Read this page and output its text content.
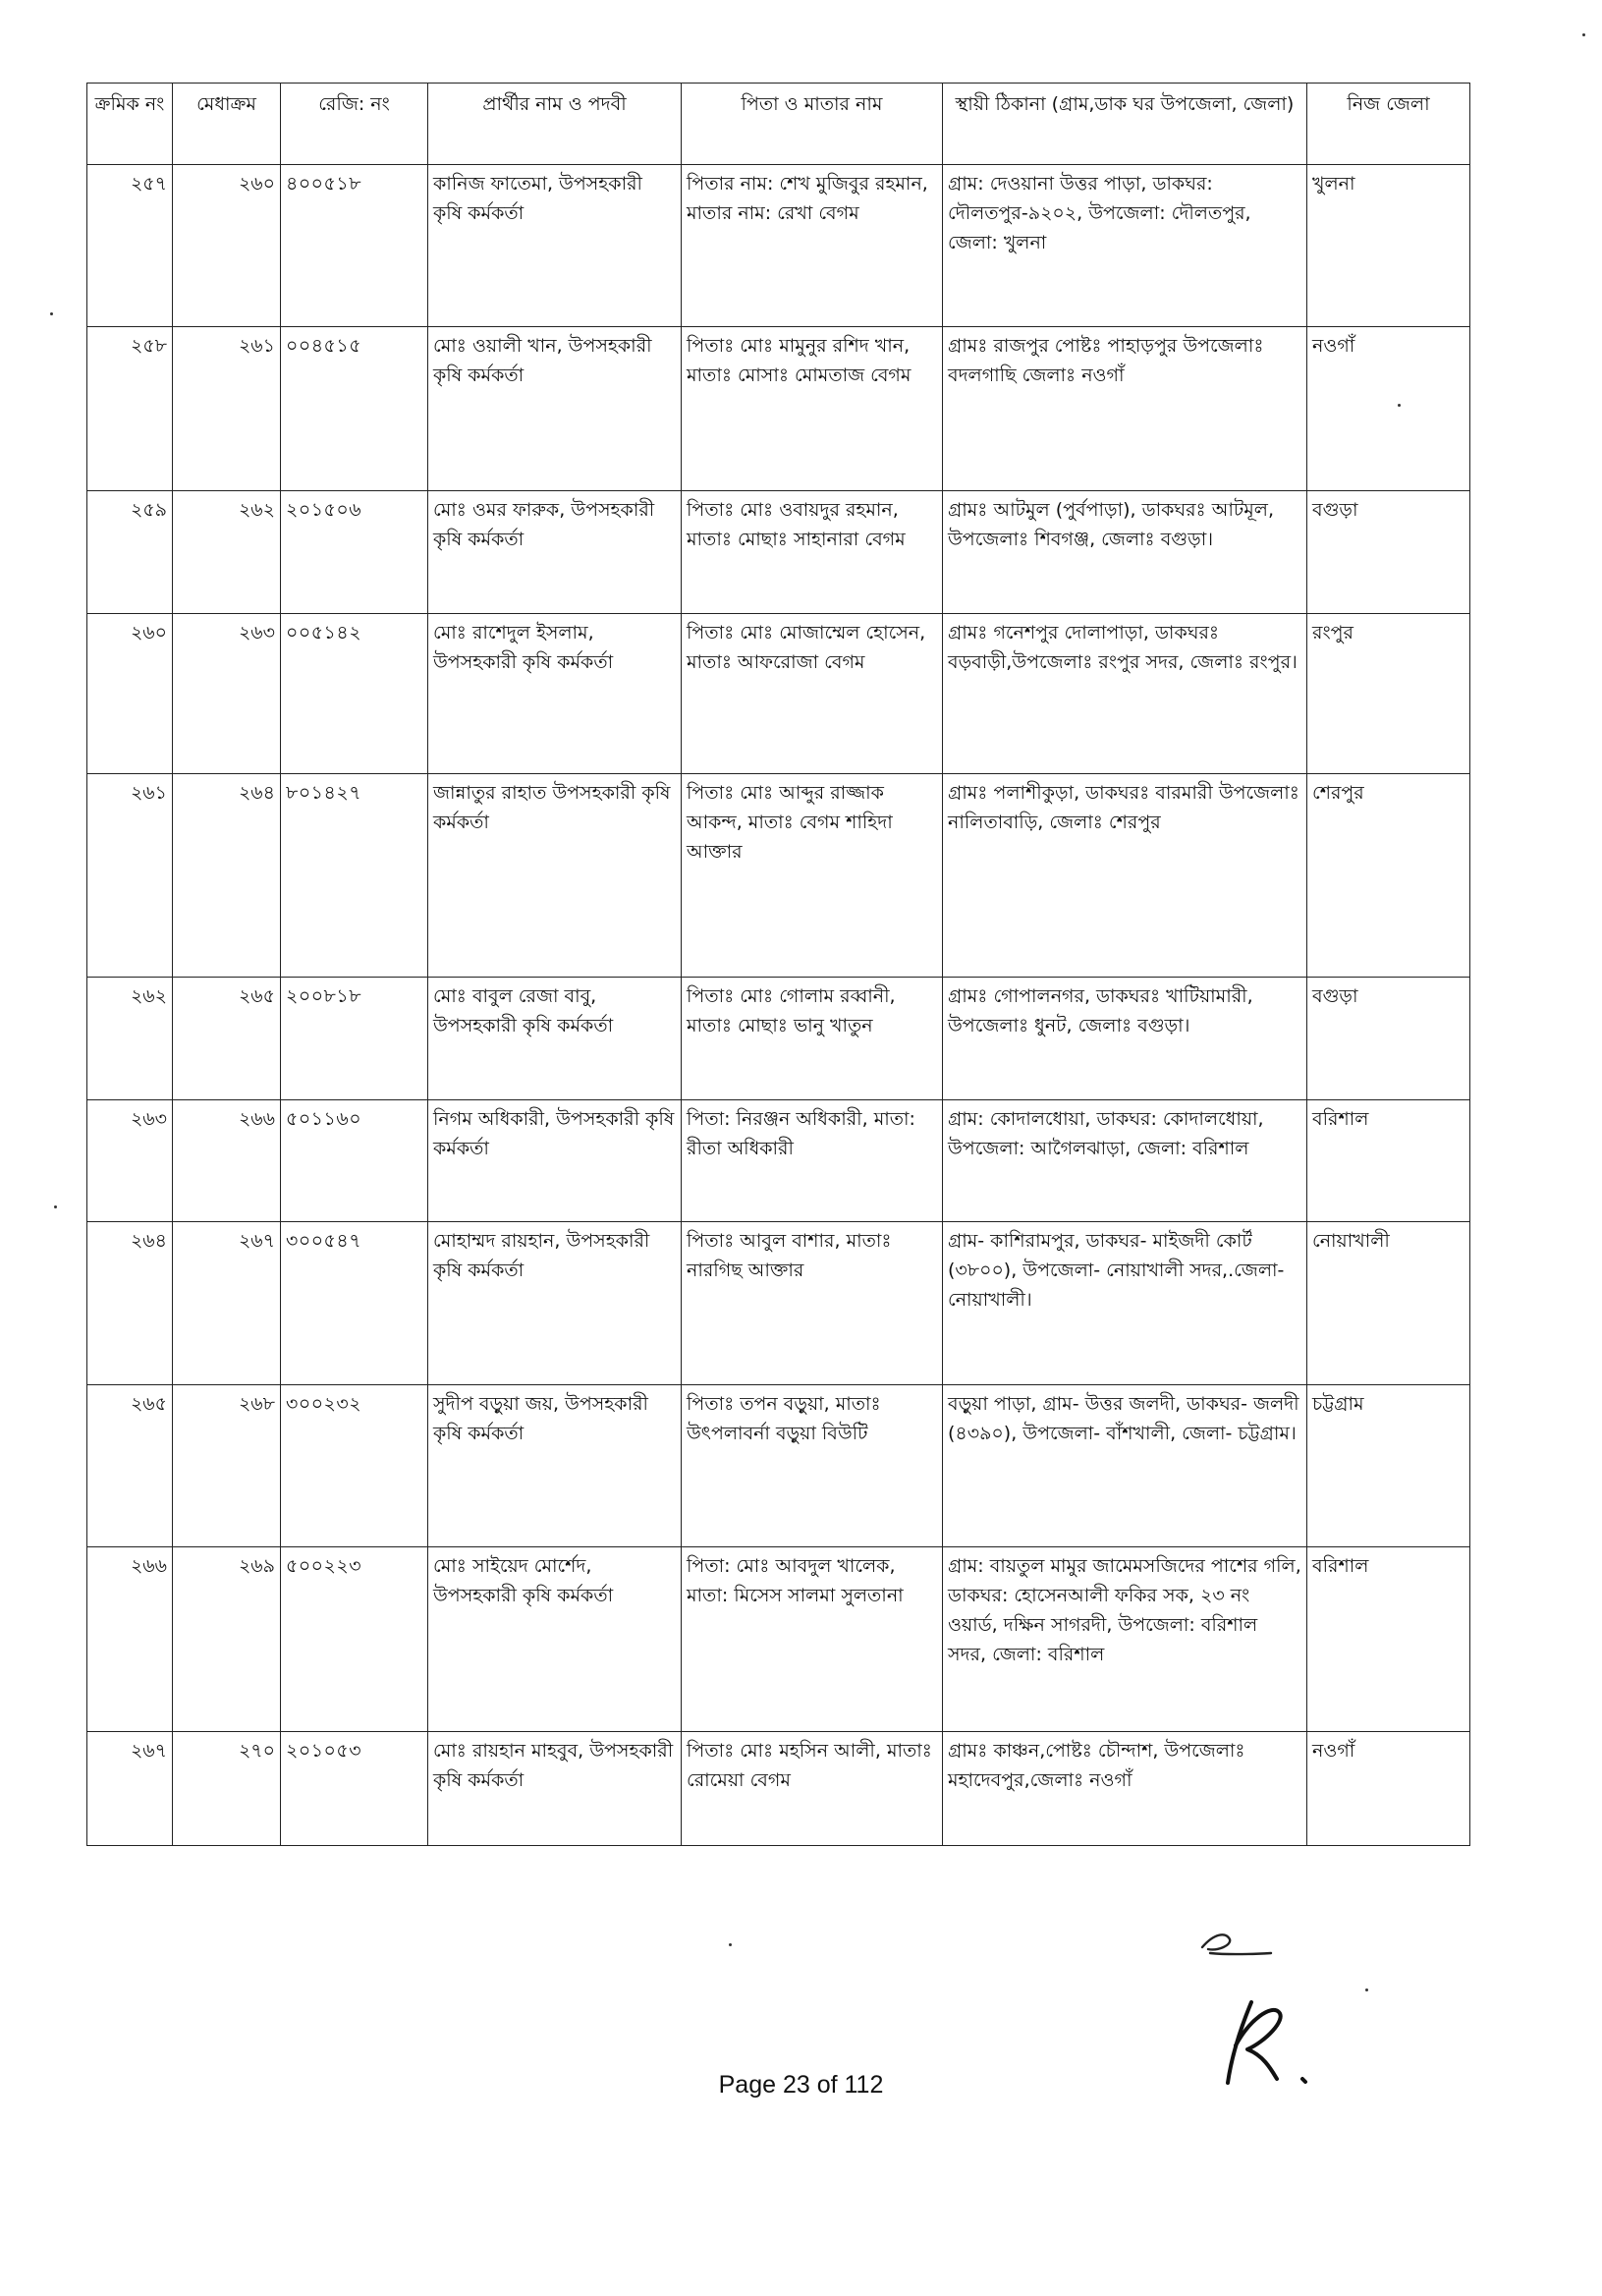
ক্রমিক নং	মেধাক্রম	রেজি: নং	প্রার্থীর নাম ও পদবী	পিতা ও মাতার নাম	স্থায়ী ঠিকানা (গ্রাম,ডাক ঘর উপজেলা, জেলা)	নিজ জেলা
২৫৭	২৬০	৪০০৫১৮	কানিজ ফাতেমা, উপসহকারী কৃষি কর্মকর্তা	পিতার নাম: শেখ মুজিবুর রহমান, মাতার নাম: রেখা বেগম	গ্রাম: দেওয়ানা উত্তর পাড়া, ডাকঘর: দৌলতপুর-৯২০২, উপজেলা: দৌলতপুর, জেলা: খুলনা	খুলনা
২৫৮	২৬১	০০৪৫১৫	মোঃ ওয়ালী খান, উপসহকারী কৃষি কর্মকর্তা	পিতাঃ মোঃ মামুনুর রশিদ খান, মাতাঃ মোসাঃ মোমতাজ বেগম	গ্রামঃ রাজপুর পোষ্টঃ পাহাড়পুর উপজেলাঃ বদলগাছি জেলাঃ নওগাঁ	নওগাঁ
২৫৯	২৬২	২০১৫০৬	মোঃ ওমর ফারুক, উপসহকারী কৃষি কর্মকর্তা	পিতাঃ মোঃ ওবায়দুর রহমান, মাতাঃ মোছাঃ সাহানারা বেগম	গ্রামঃ আটমুল (পুর্বপাড়া), ডাকঘরঃ আটমূল, উপজেলাঃ শিবগঞ্জ, জেলাঃ বগুড়া।	বগুড়া
২৬০	২৬৩	০০৫১৪২	মোঃ রাশেদুল ইসলাম, উপসহকারী কৃষি কর্মকর্তা	পিতাঃ মোঃ মোজাম্মেল হোসেন, মাতাঃ আফরোজা বেগম	গ্রামঃ গনেশপুর দোলাপাড়া, ডাকঘরঃ বড়বাড়ী,উপজেলাঃ রংপুর সদর, জেলাঃ রংপুর।	রংপুর
২৬১	২৬৪	৮০১৪২৭	জান্নাতুর রাহাত উপসহকারী কৃষি কর্মকর্তা	পিতাঃ মোঃ আব্দুর রাজ্জাক আকন্দ, মাতাঃ বেগম শাহিদা আক্তার	গ্রামঃ পলাশীকুড়া, ডাকঘরঃ বারমারী উপজেলাঃ নালিতাবাড়ি, জেলাঃ শেরপুর	শেরপুর
২৬২	২৬৫	২০০৮১৮	মোঃ বাবুল রেজা বাবু, উপসহকারী কৃষি কর্মকর্তা	পিতাঃ মোঃ গোলাম রব্বানী, মাতাঃ মোছাঃ ভানু খাতুন	গ্রামঃ গোপালনগর, ডাকঘরঃ খাটিয়ামারী, উপজেলাঃ ধুনট, জেলাঃ বগুড়া।	বগুড়া
২৬৩	২৬৬	৫০১১৬০	নিগম অধিকারী, উপসহকারী কৃষি কর্মকর্তা	পিতা: নিরঞ্জন অধিকারী, মাতা: রীতা অধিকারী	গ্রাম: কোদালধোয়া, ডাকঘর: কোদালধোয়া, উপজেলা: আগৈলঝাড়া, জেলা: বরিশাল	বরিশাল
২৬৪	২৬৭	৩০০৫৪৭	মোহাম্মদ রায়হান, উপসহকারী কৃষি কর্মকর্তা	পিতাঃ আবুল বাশার, মাতাঃ নারগিছ আক্তার	গ্রাম- কাশিরামপুর, ডাকঘর- মাইজদী কোর্ট (৩৮০০), উপজেলা- নোয়াখালী সদর,.জেলা- নোয়াখালী।	নোয়াখালী
২৬৫	২৬৮	৩০০২৩২	সুদীপ বড়ুয়া জয়, উপসহকারী কৃষি কর্মকর্তা	পিতাঃ তপন বড়ুয়া, মাতাঃ উৎপলাবর্না বড়ুয়া বিউটি	বড়ুয়া পাড়া, গ্রাম- উত্তর জলদী, ডাকঘর- জলদী (৪৩৯০), উপজেলা- বাঁশখালী, জেলা- চট্টগ্রাম।	চট্টগ্রাম
২৬৬	২৬৯	৫০০২২৩	মোঃ সাইয়েদ মোর্শেদ, উপসহকারী কৃষি কর্মকর্তা	পিতা: মোঃ আবদুল খালেক, মাতা: মিসেস সালমা সুলতানা	গ্রাম: বায়তুল মামুর জামেমসজিদের পাশের গলি, ডাকঘর: হোসেনআলী ফকির সক, ২৩ নং ওয়ার্ড, দক্ষিন সাগরদী, উপজেলা: বরিশাল সদর, জেলা: বরিশাল	বরিশাল
২৬৭	২৭০	২০১০৫৩	মোঃ রায়হান মাহবুব, উপসহকারী কৃষি কর্মকর্তা	পিতাঃ মোঃ মহসিন আলী, মাতাঃ রোমেয়া বেগম	গ্রামঃ কাঞ্চন,পোষ্টঃ চৌন্দাশ, উপজেলাঃ মহাদেবপুর,জেলাঃ নওগাঁ	নওগাঁ
Page 23 of 112
